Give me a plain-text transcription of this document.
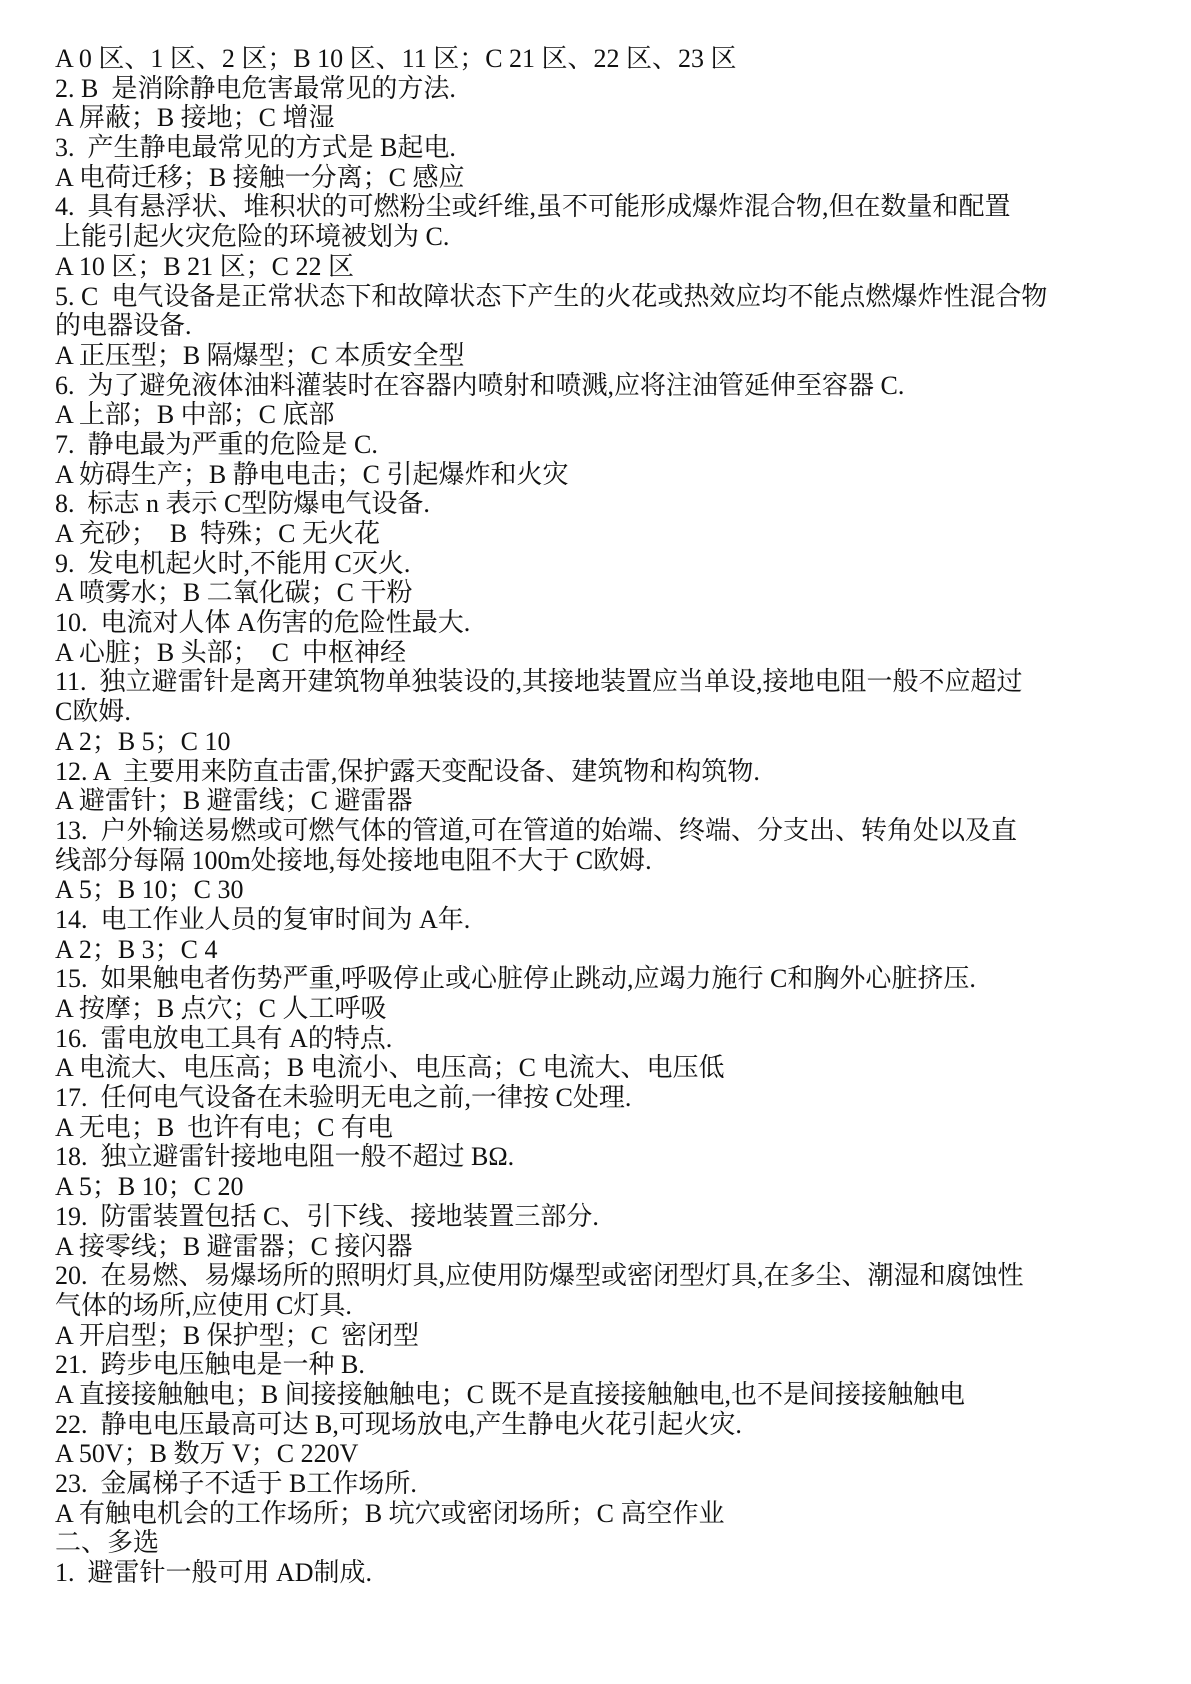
A 0 区、1 区、2 区；B 10 区、11 区；C 21 区、22 区、23 区
2. B  是消除静电危害最常见的方法.
A 屏蔽；B 接地；C 增湿
3.  产生静电最常见的方式是 B起电.
A 电荷迁移；B 接触一分离；C 感应
4.  具有悬浮状、堆积状的可燃粉尘或纤维,虽不可能形成爆炸混合物,但在数量和配置
上能引起火灾危险的环境被划为 C.
A 10 区；B 21 区；C 22 区
5. C  电气设备是正常状态下和故障状态下产生的火花或热效应均不能点燃爆炸性混合物
的电器设备.
A 正压型；B 隔爆型；C 本质安全型
6.  为了避免液体油料灌装时在容器内喷射和喷溅,应将注油管延伸至容器 C.
A 上部；B 中部；C 底部
7.  静电最为严重的危险是 C.
A 妨碍生产；B 静电电击；C 引起爆炸和火灾
8.  标志 n 表示 C型防爆电气设备.
A 充砂；  B  特殊；C 无火花
9.  发电机起火时,不能用 C灭火.
A 喷雾水；B 二氧化碳；C 干粉
10.  电流对人体 A伤害的危险性最大.
A 心脏；B 头部；  C  中枢神经
11.  独立避雷针是离开建筑物单独装设的,其接地装置应当单设,接地电阻一般不应超过
C欧姆.
A 2；B 5；C 10
12. A  主要用来防直击雷,保护露天变配设备、建筑物和构筑物.
A 避雷针；B 避雷线；C 避雷器
13.  户外输送易燃或可燃气体的管道,可在管道的始端、终端、分支出、转角处以及直
线部分每隔 100m处接地,每处接地电阻不大于 C欧姆.
A 5；B 10；C 30
14.  电工作业人员的复审时间为 A年.
A 2；B 3；C 4
15.  如果触电者伤势严重,呼吸停止或心脏停止跳动,应竭力施行 C和胸外心脏挤压.
A 按摩；B 点穴；C 人工呼吸
16.  雷电放电工具有 A的特点.
A 电流大、电压高；B 电流小、电压高；C 电流大、电压低
17.  任何电气设备在未验明无电之前,一律按 C处理.
A 无电；B  也许有电；C 有电
18.  独立避雷针接地电阻一般不超过 BΩ.
A 5；B 10；C 20
19.  防雷装置包括 C、引下线、接地装置三部分.
A 接零线；B 避雷器；C 接闪器
20.  在易燃、易爆场所的照明灯具,应使用防爆型或密闭型灯具,在多尘、潮湿和腐蚀性
气体的场所,应使用 C灯具.
A 开启型；B 保护型；C  密闭型
21.  跨步电压触电是一种 B.
A 直接接触触电；B 间接接触触电；C 既不是直接接触触电,也不是间接接触触电
22.  静电电压最高可达 B,可现场放电,产生静电火花引起火灾.
A 50V；B 数万 V；C 220V
23.  金属梯子不适于 B工作场所.
A 有触电机会的工作场所；B 坑穴或密闭场所；C 高空作业
二、多选
1.  避雷针一般可用 AD制成.
